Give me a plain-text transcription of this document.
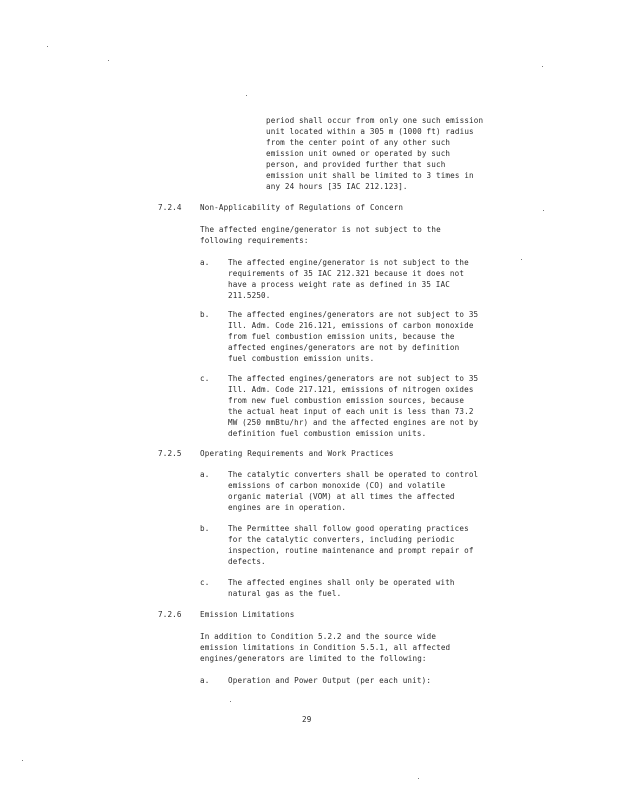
period shall occur from only one such emission
unit located within a 305 m (1000 ft) radius
from the center point of any other such
emission unit owned or operated by such
person, and provided further that such
emission unit shall be limited to 3 times in
any 24 hours [35 IAC 212.123].

7.2.4 Non-Applicability of Regulations of Concern

The affected engine/generator is not subject to the
following requirements:

a. The affected engine/generator is not subject to the
requirements of 35 IAC 212.321 because it does not
have a process weight rate as defined in 35 IAC
211.5250.

b. The affected engines/generators are not subject to 35
Ill. Adm. Code 216.121, emissions of carbon monoxide
from fuel combustion emission units, because the
affected engines/generators are not by definition
fuel combustion emission units.

c. The affected engines/generators are not subject to 35
Ill. Adm. Code 217.121, emissions of nitrogen oxides
from new fuel combustion emission sources, because
the actual heat input of each unit is less than 73.2
MW (250 mmBtu/hr) and the affected engines are not by
definition fuel combustion emission units.

7.2.5 Operating Requirements and Work Practices
a. The catalytic converters shall be operated to control
emissions of carbon monoxide (CO) and volatile
organic material (VOM) at all times the affected
engines are in operation.

b. The Permittee shall follow good operating practices
for the catalytic converters, including periodic
inspection, routine maintenance and prompt repair of
defects.

c. The affected engines shall only be operated with
natural gas as the fuel.

7.2.6 Emission Limitations

In addition to Condition 5.2.2 and the source wide
emission limitations in Condition 5.5.1, all affected
engines/generators are limited to the following:

a. Operation and Power Output (per each unit):

29
